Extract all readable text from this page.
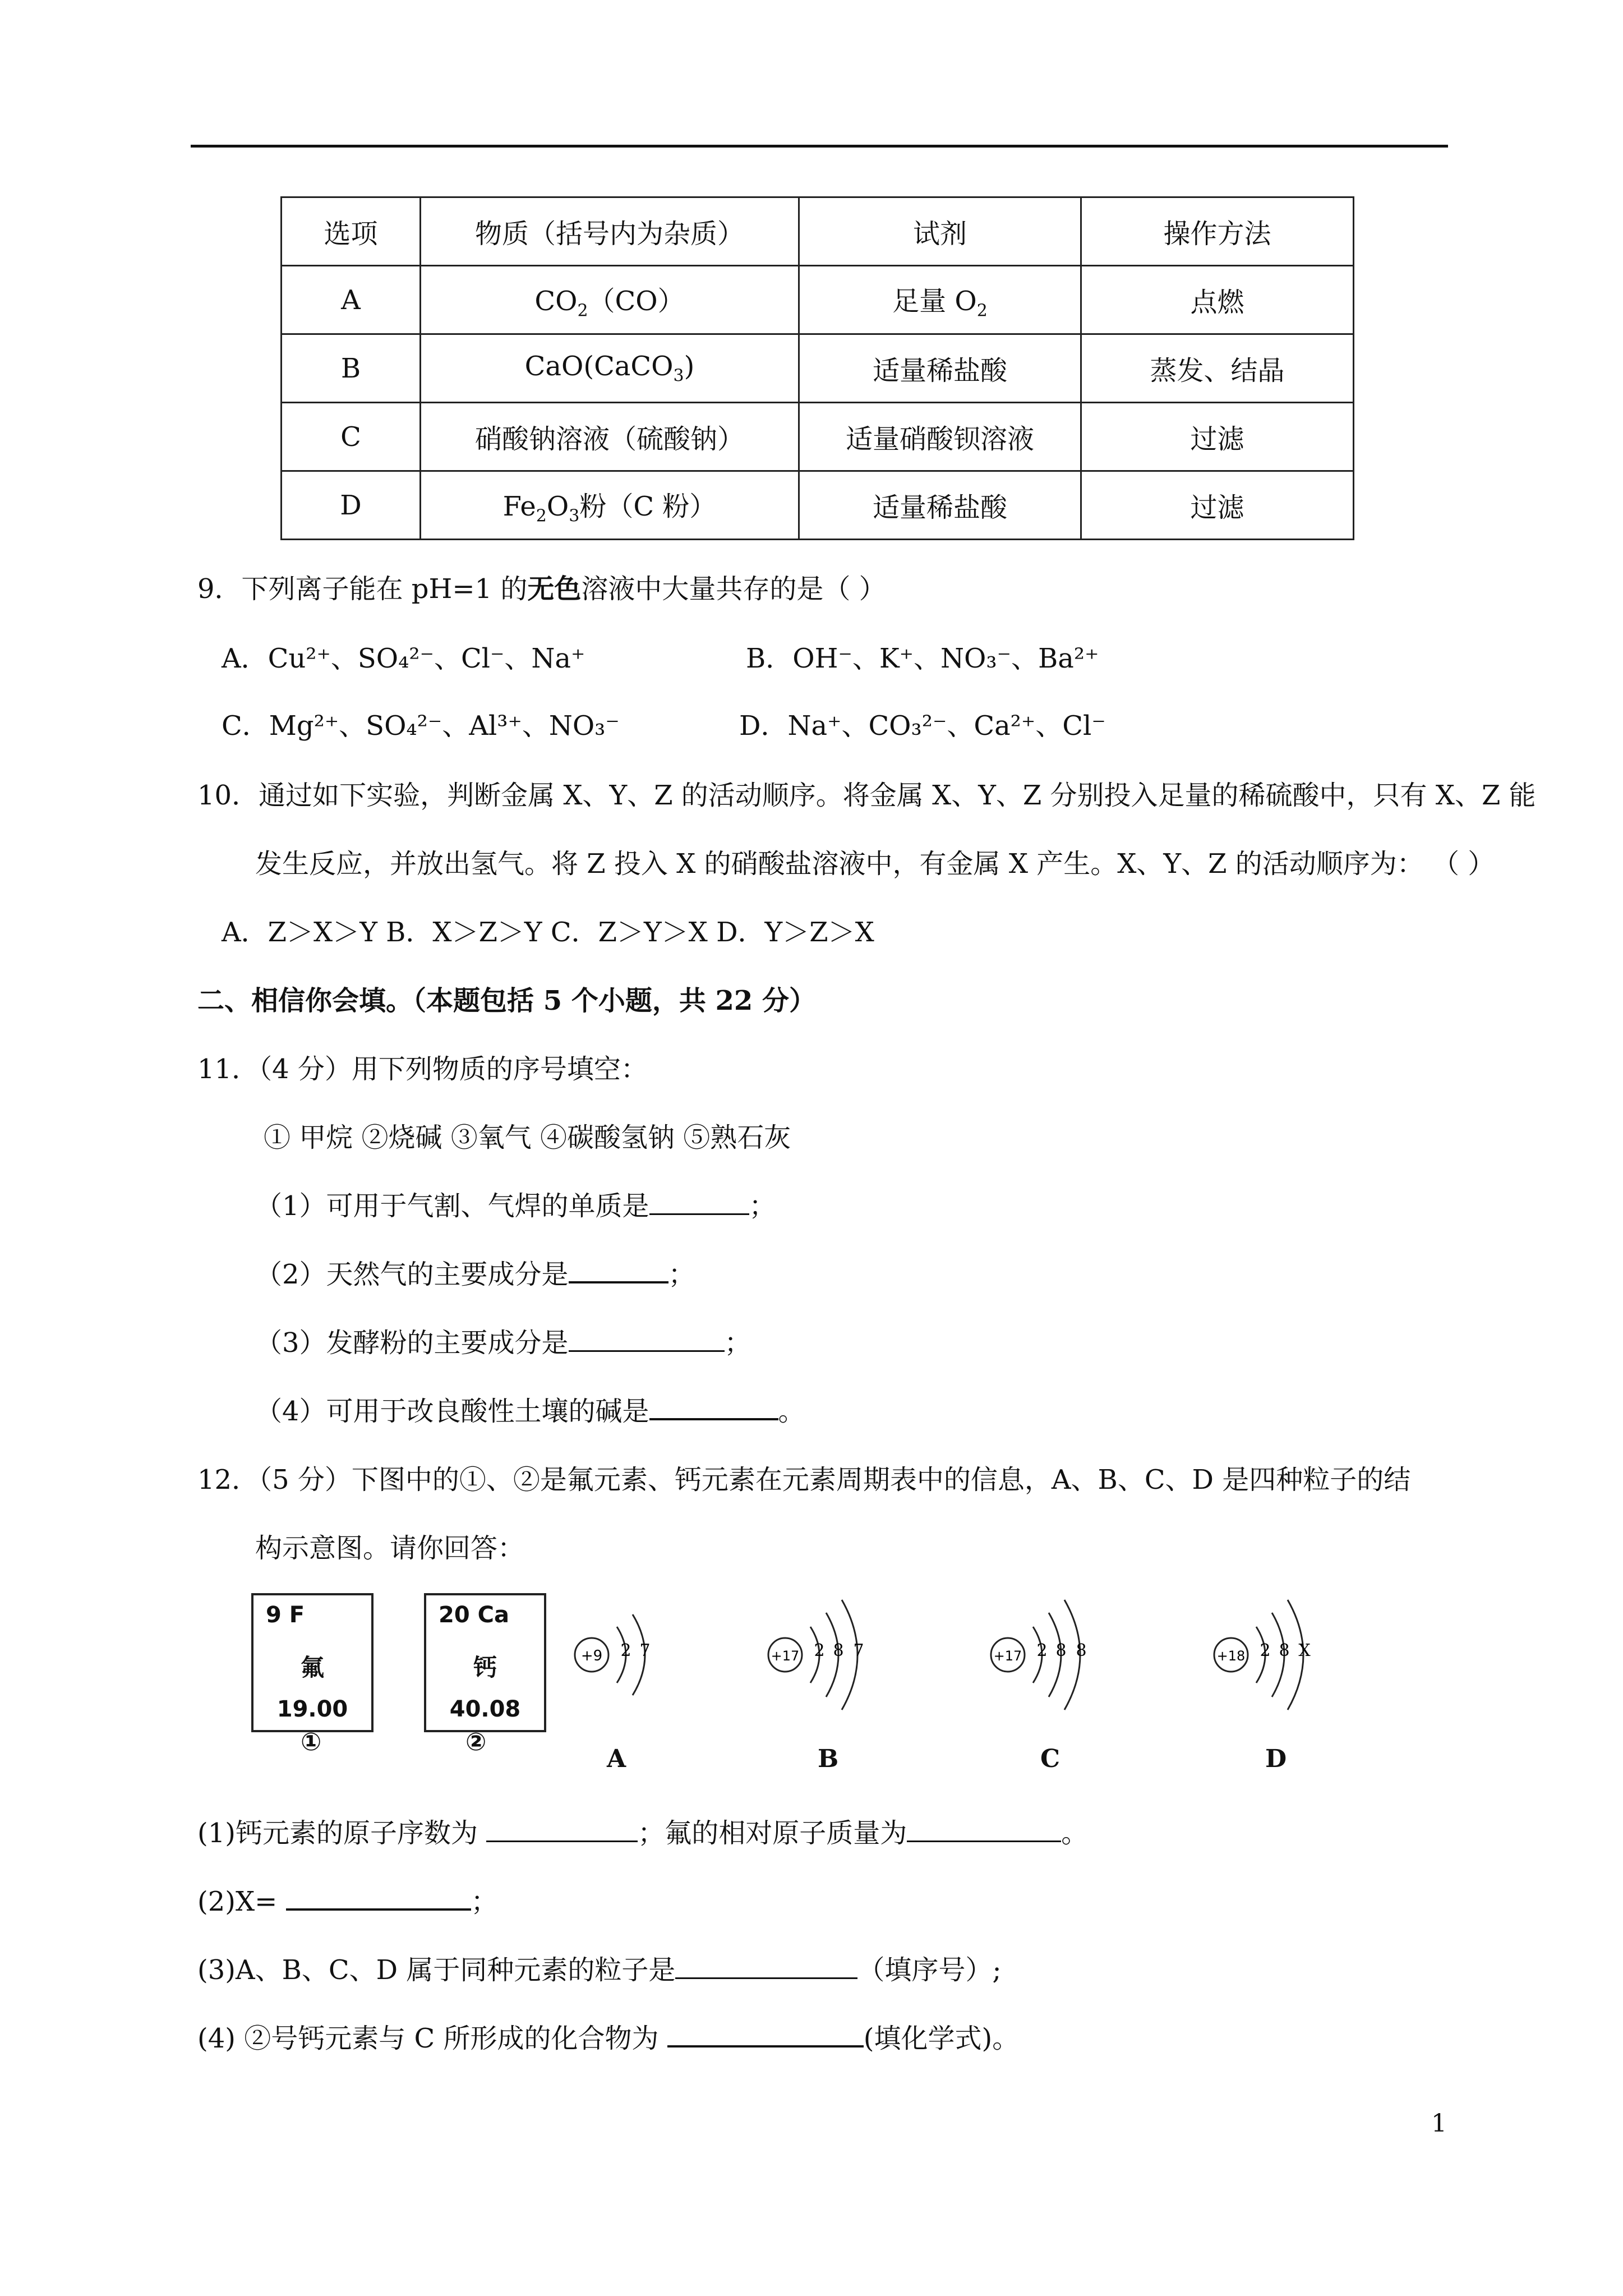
选项	物质（括号内为杂质）	试剂	操作方法
A	$CO_2(CO)$	足量 $O_2$	点燃
B	CaO(CaCO$_3$)	适量稀盐酸	蒸发、结晶
C	硝酸钠溶液（硫酸钠）	适量硝酸钡溶液	过滤
D	$Fe_2O_3$粉（C 粉）	适量稀盐酸	过滤
9．下列离子能在 pH=1 的无色溶液中大量共存的是（ ）
A．Cu²⁺、SO₄²⁻、Cl⁻、Na⁺	B．OH⁻、K⁺、NO₃⁻、Ba²⁺
C．Mg²⁺、SO₄²⁻、Al³⁺、NO₃⁻	D．Na⁺、CO₃²⁻、Ca²⁺、Cl⁻
10．通过如下实验，判断金属 X、Y、Z 的活动顺序。将金属 X、Y、Z 分别投入足量的稀硫酸中，只有 X、Z 能
发生反应，并放出氢气。将 Z 投入 X 的硝酸盐溶液中，有金属 X 产生。X、Y、Z 的活动顺序为： （ ）
A．Z＞X＞Y B．X＞Z＞Y C．Z＞Y＞X D．Y＞Z＞X
二、相信你会填。（本题包括 5 个小题，共 22 分）
11．（4 分）用下列物质的序号填空：
① 甲烷 ②烧碱 ③氧气 ④碳酸氢钠 ⑤熟石灰
（1）可用于气割、气焊的单质是	；
（2）天然气的主要成分是	；
（3）发酵粉的主要成分是	；
（4）可用于改良酸性土壤的碱是	。
12．（5 分）下图中的①、②是氟元素、钙元素在元素周期表中的信息，A、B、C、D 是四种粒子的结
构示意图。请你回答：
9 F
氟
19.00
①
20 Ca
钙
40.08
②
+9 2 7
A
+17 2 8 7
B
+17 2 8 8
C
+18 2 8 X
D
(1)钙元素的原子序数为	；氟的相对原子质量为	。
(2)X=	；
(3)A、B、C、D 属于同种元素的粒子是	（填序号）;
(4) ②号钙元素与 C 所形成的化合物为	(填化学式)。
1
